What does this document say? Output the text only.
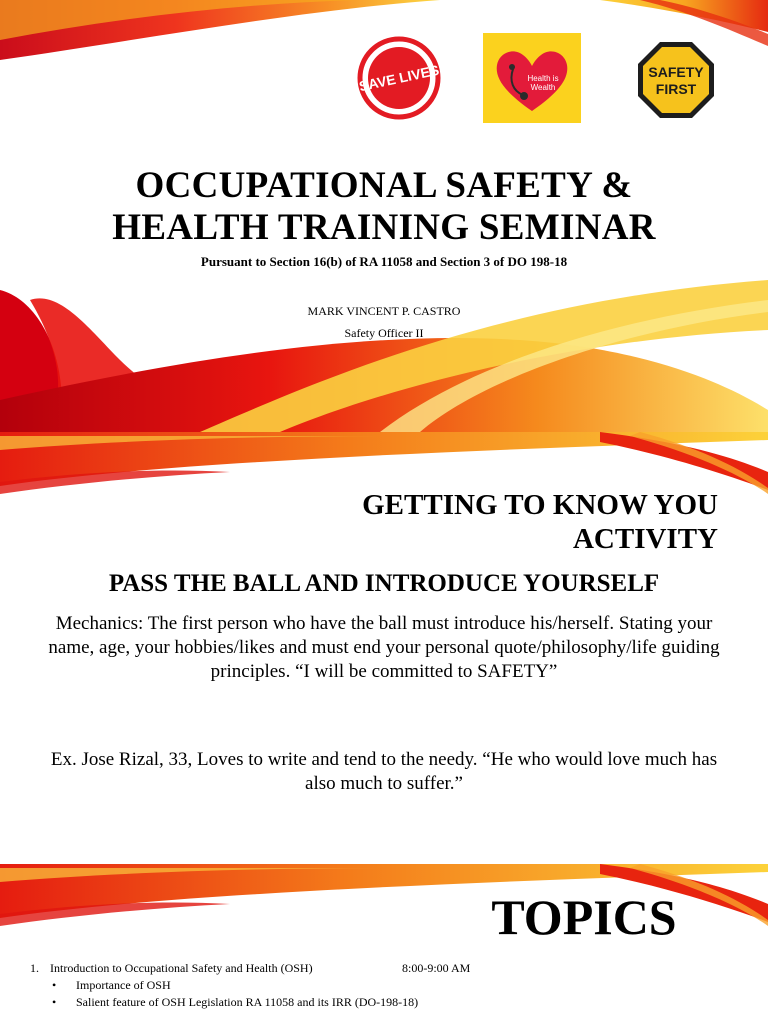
SAVE LIVES	Health is
Wealth
SAFETY
FIRST
OCCUPATIONAL SAFETY &
HEALTH TRAINING SEMINAR
Pursuant to Section 16(b) of RA 11058 and Section 3 of DO 198-18
MARK VINCENT P. CASTRO
Safety Officer II
GETTING TO KNOW YOU
ACTIVITY
PASS THE BALL AND INTRODUCE YOURSELF
Mechanics: The first person who have the ball must introduce his/herself. Stating your name, age, your hobbies/likes and must end your personal quote/philosophy/life guiding principles. “I will be committed to SAFETY”
Ex. Jose Rizal, 33, Loves to write and tend to the needy. “He who would love much has also much to suffer.”
TOPICS
1. Introduction to Occupational Safety and Health (OSH)	8:00-9:00 AM
•	Importance of OSH
•	Salient feature of OSH Legislation RA 11058 and its IRR (DO-198-18)
